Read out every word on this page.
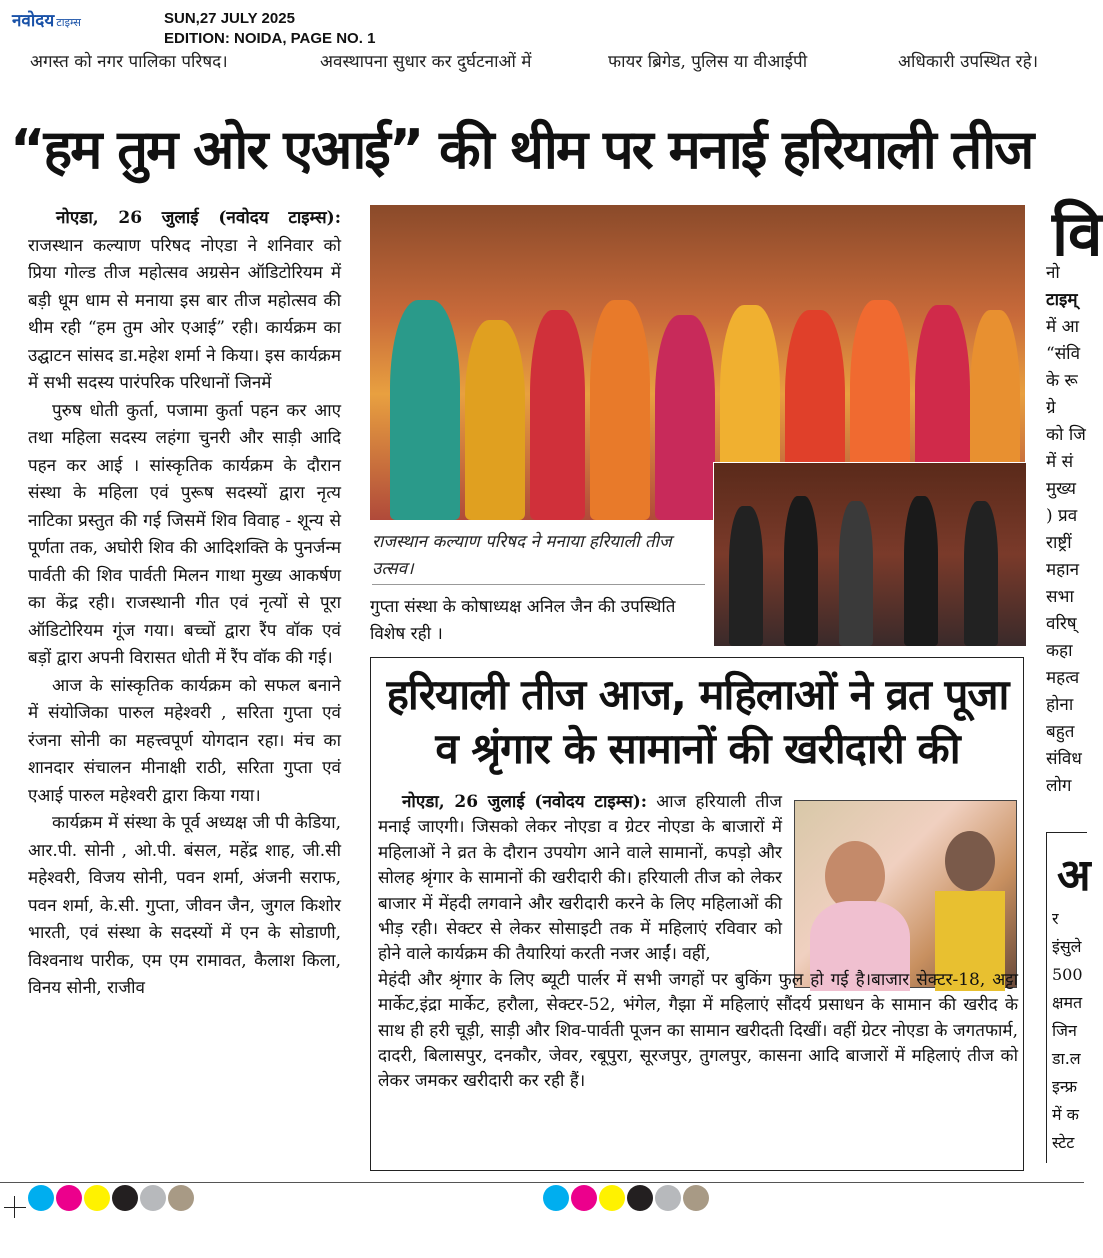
नवोदय टाइम्स	SUN,27 JULY 2025
EDITION: NOIDA, PAGE NO. 1
अगस्त को नगर पालिका परिषद।	अवस्थापना सुधार कर दुर्घटनाओं में	फायर ब्रिगेड, पुलिस या वीआईपी	अधिकारी उपस्थित रहे।
“हम तुम ओर एआई” की थीम पर मनाई हरियाली तीज

नोएडा, 26 जुलाई (नवोदय टाइम्स): राजस्थान कल्याण परिषद नोएडा ने शनिवार को प्रिया गोल्ड तीज महोत्सव अग्रसेन ऑडिटोरियम में बड़ी धूम धाम से मनाया इस बार तीज महोत्सव की थीम रही “हम तुम ओर एआई” रही। कार्यक्रम का उद्घाटन सांसद डा.महेश शर्मा ने किया। इस कार्यक्रम में सभी सदस्य पारंपरिक परिधानों जिनमें

पुरुष धोती कुर्ता, पजामा कुर्ता पहन कर आए तथा महिला सदस्य लहंगा चुनरी और साड़ी आदि पहन कर आई । सांस्कृतिक कार्यक्रम के दौरान संस्था के महिला एवं पुरूष सदस्यों द्वारा नृत्य नाटिका प्रस्तुत की गई जिसमें शिव विवाह - शून्य से पूर्णता तक, अघोरी शिव की आदिशक्ति के पुनर्जन्म पार्वती की शिव पार्वती मिलन गाथा मुख्य आकर्षण का केंद्र रही। राजस्थानी गीत एवं नृत्यों से पूरा ऑडिटोरियम गूंज गया। बच्चों द्वारा रैंप वॉक एवं बड़ों द्वारा अपनी विरासत धोती में रैंप वॉक की गई।

आज के सांस्कृतिक कार्यक्रम को सफल बनाने में संयोजिका पारुल महेश्वरी , सरिता गुप्ता एवं रंजना सोनी का महत्त्वपूर्ण योगदान रहा। मंच का शानदार संचालन मीनाक्षी राठी, सरिता गुप्ता एवं एआई पारुल महेश्वरी द्वारा किया गया।

कार्यक्रम में संस्था के पूर्व अध्यक्ष जी पी केडिया, आर.पी. सोनी , ओ.पी. बंसल, महेंद्र शाह, जी.सी महेश्वरी, विजय सोनी, पवन शर्मा, अंजनी सराफ, पवन शर्मा, के.सी. गुप्ता, जीवन जैन, जुगल किशोर भारती, एवं संस्था के सदस्यों में एन के सोडाणी, विश्वनाथ पारीक, एम एम रामावत, कैलाश किला, विनय सोनी, राजीव

राजस्थान कल्याण परिषद ने मनाया हरियाली तीज उत्सव।
गुप्ता संस्था के कोषाध्यक्ष अनिल जैन की उपस्थिति विशेष रही ।
हरियाली तीज आज, महिलाओं ने व्रत पूजा व श्रृंगार के सामानों की खरीदारी की
नोएडा, 26 जुलाई (नवोदय टाइम्स): आज हरियाली तीज मनाई जाएगी। जिसको लेकर नोएडा व ग्रेटर नोएडा के बाजारों में महिलाओं ने व्रत के दौरान उपयोग आने वाले सामानों, कपड़ो और सोलह श्रृंगार के सामानों की खरीदारी की। हरियाली तीज को लेकर बाजार में मेंहदी लगवाने और खरीदारी करने के लिए महिलाओं की भीड़ रही। सेक्टर से लेकर सोसाइटी तक में महिलाएं रविवार को होने वाले कार्यक्रम की तैयारियां करती नजर आईं। वहीं,
मेहंदी और श्रृंगार के लिए ब्यूटी पार्लर में सभी जगहों पर बुकिंग फुल हो गई है।बाजार सेक्टर-18, अट्टा मार्केट,इंद्रा मार्केट, हरौला, सेक्टर-52, भंगेल, गैझा में महिलाएं सौंदर्य प्रसाधन के सामान की खरीद के साथ ही हरी चूड़ी, साड़ी और शिव-पार्वती पूजन का सामान खरीदती दिखीं। वहीं ग्रेटर नोएडा के जगतफार्म, दादरी, बिलासपुर, दनकौर, जेवर, रबूपुरा, सूरजपुर, तुगलपुर, कासना आदि बाजारों में महिलाएं तीज को लेकर जमकर खरीदारी कर रही हैं।
वि
नो
टाइम्
में आ
“संवि
के रू
ग्रे
को जि
में सं
मुख्य
) प्रव
राष्ट्रीं
महान
सभा
वरिष्
कहा
महत्व
होना
बहुत
संविध
लोग
अ
र
इंसुले
500
क्षमत
जिन
डा.ल
इन्फ्र
में क
स्टेट
